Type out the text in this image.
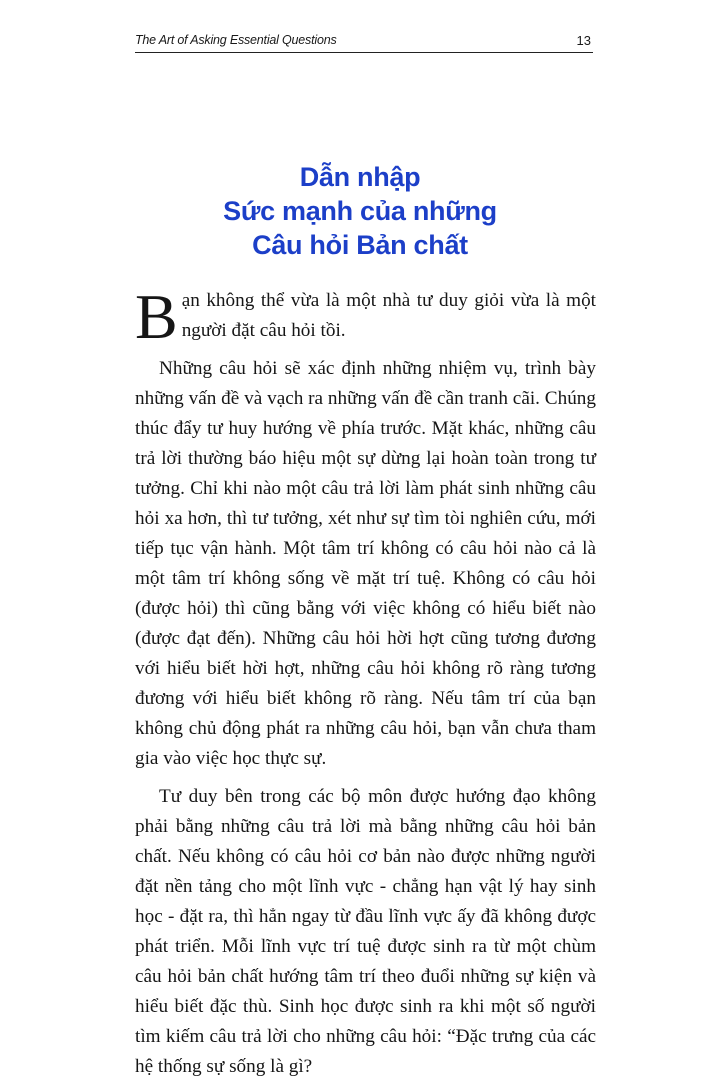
The Art of Asking Essential Questions	13
Dẫn nhập
Sức mạnh của những
Câu hỏi Bản chất

Bạn không thể vừa là một nhà tư duy giỏi vừa là một người đặt câu hỏi tồi.

Những câu hỏi sẽ xác định những nhiệm vụ, trình bày những vấn đề và vạch ra những vấn đề cần tranh cãi. Chúng thúc đẩy tư huy hướng về phía trước. Mặt khác, những câu trả lời thường báo hiệu một sự dừng lại hoàn toàn trong tư tưởng. Chỉ khi nào một câu trả lời làm phát sinh những câu hỏi xa hơn, thì tư tưởng, xét như sự tìm tòi nghiên cứu, mới tiếp tục vận hành. Một tâm trí không có câu hỏi nào cả là một tâm trí không sống về mặt trí tuệ. Không có câu hỏi (được hỏi) thì cũng bằng với việc không có hiểu biết nào (được đạt đến). Những câu hỏi hời hợt cũng tương đương với hiểu biết hời hợt, những câu hỏi không rõ ràng tương đương với hiểu biết không rõ ràng. Nếu tâm trí của bạn không chủ động phát ra những câu hỏi, bạn vẫn chưa tham gia vào việc học thực sự.

Tư duy bên trong các bộ môn được hướng đạo không phải bằng những câu trả lời mà bằng những câu hỏi bản chất. Nếu không có câu hỏi cơ bản nào được những người đặt nền tảng cho một lĩnh vực - chẳng hạn vật lý hay sinh học - đặt ra, thì hẳn ngay từ đầu lĩnh vực ấy đã không được phát triển. Mỗi lĩnh vực trí tuệ được sinh ra từ một chùm câu hỏi bản chất hướng tâm trí theo đuổi những sự kiện và hiểu biết đặc thù. Sinh học được sinh ra khi một số người tìm kiếm câu trả lời cho những câu hỏi: “Đặc trưng của các hệ thống sự sống là gì?
